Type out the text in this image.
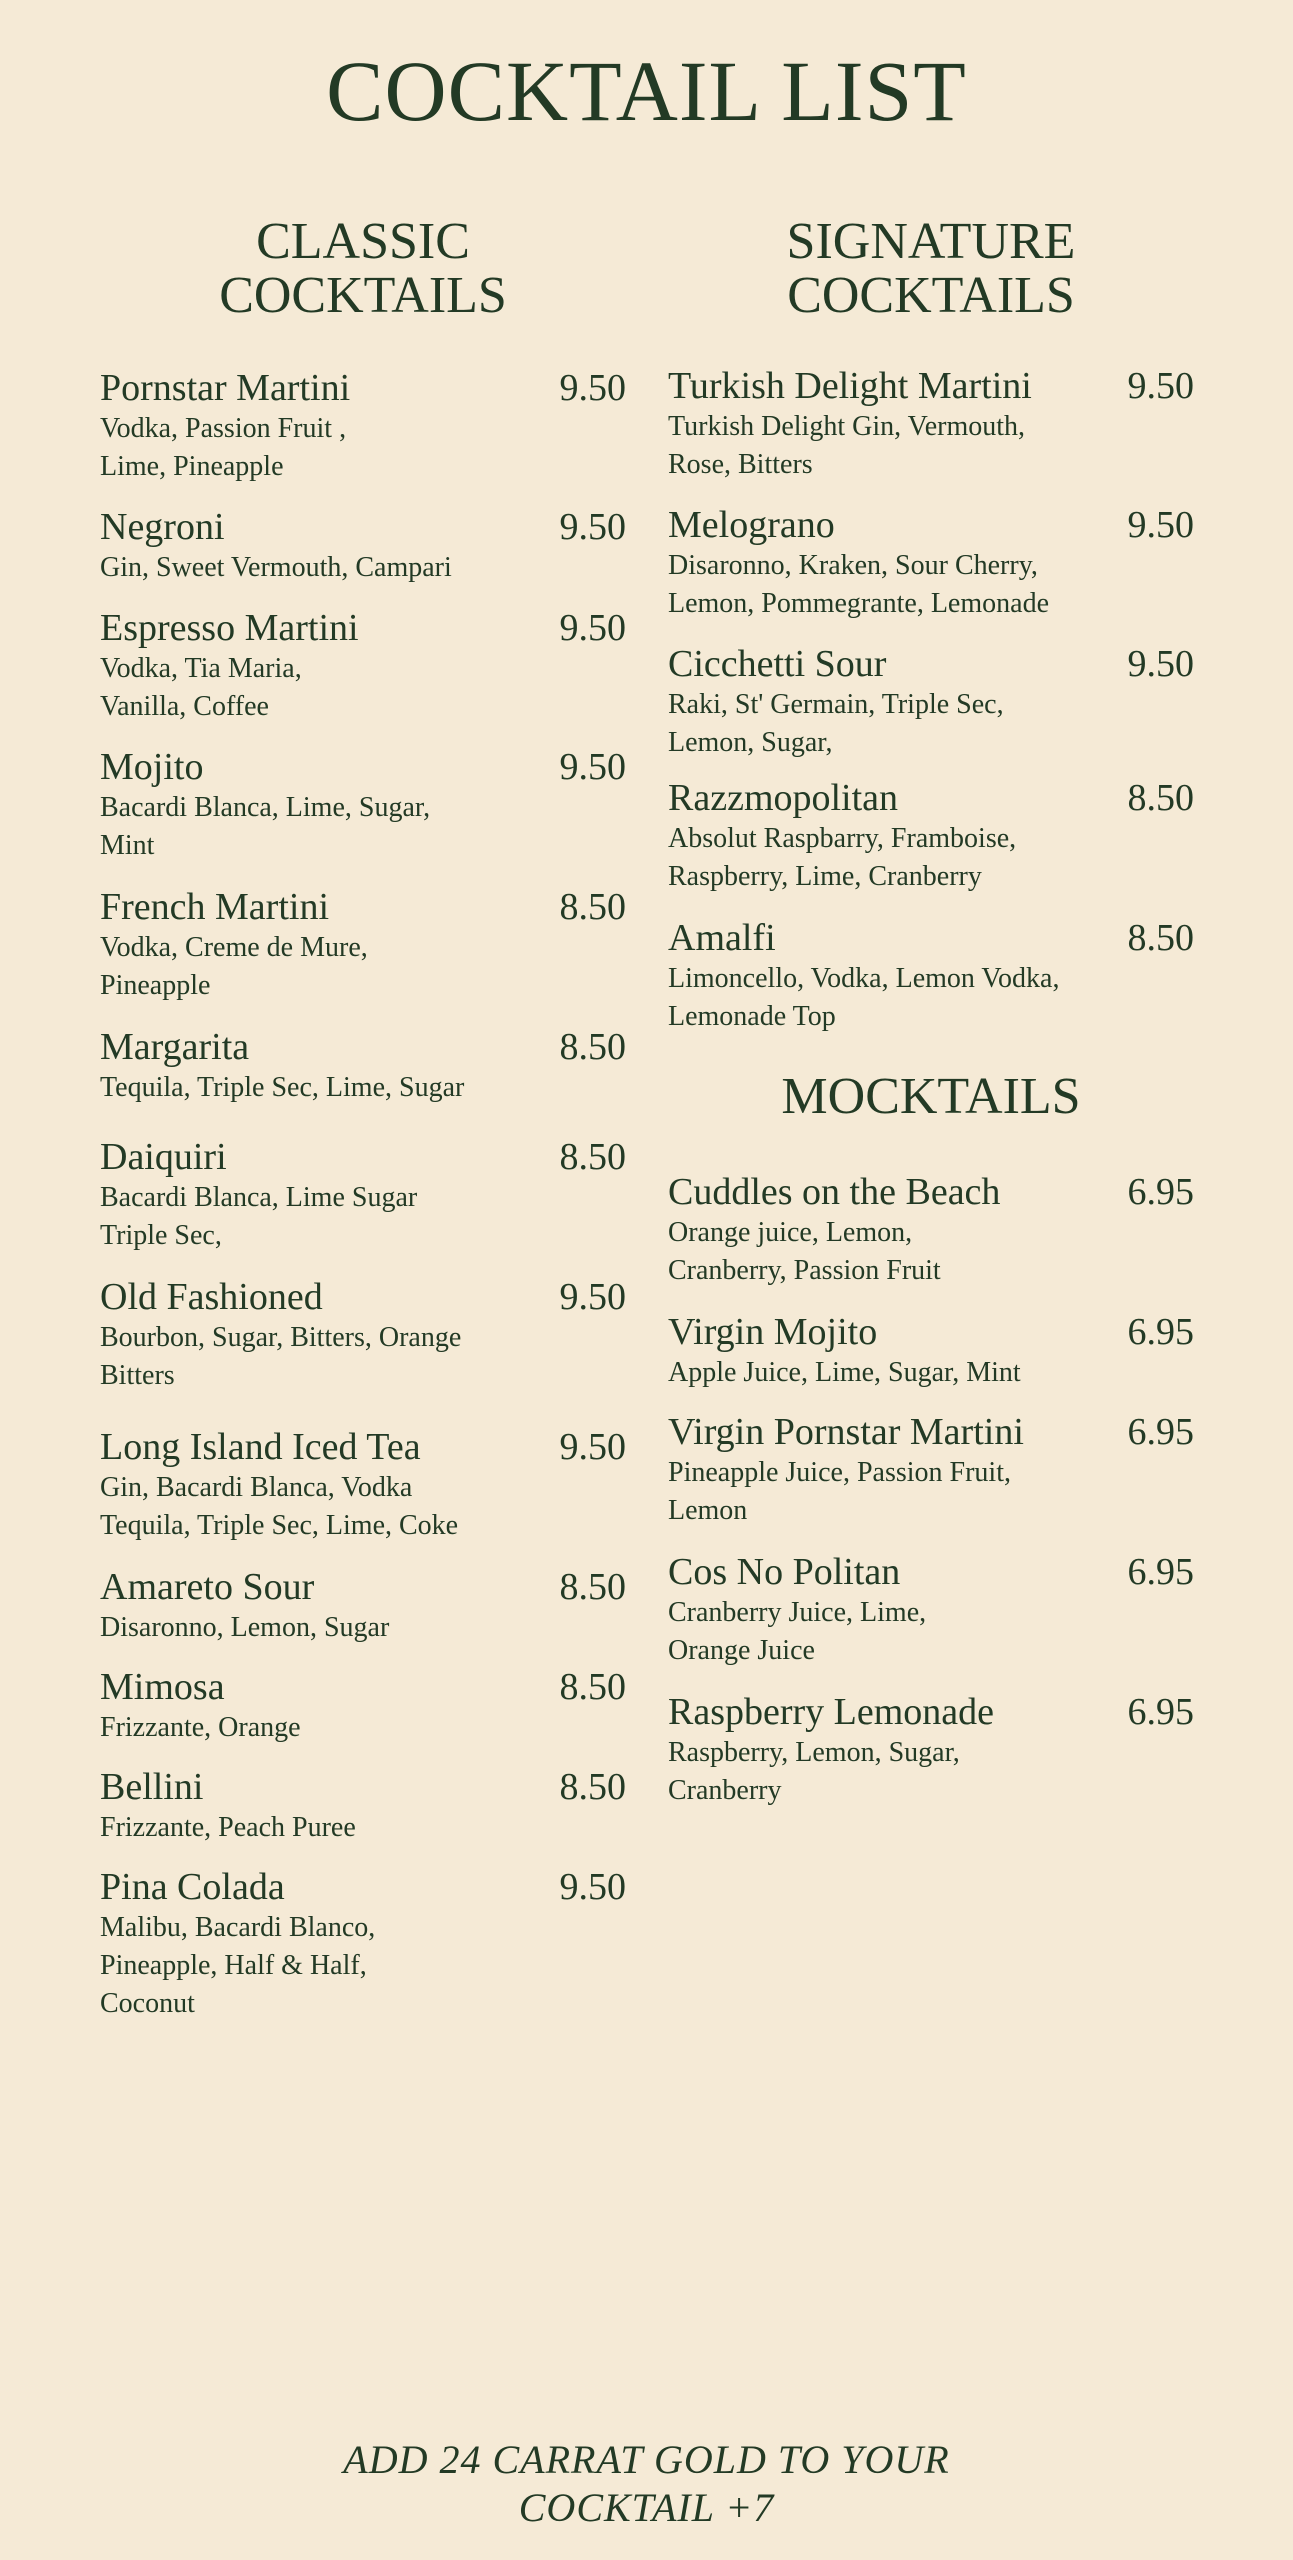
COCKTAIL LIST
CLASSIC
COCKTAILS
Pornstar Martini	9.50
Vodka, Passion Fruit ,
Lime, Pineapple
Negroni	9.50
Gin, Sweet Vermouth, Campari
Espresso Martini	9.50
Vodka, Tia Maria,
Vanilla, Coffee
Mojito	9.50
Bacardi Blanca, Lime, Sugar,
Mint
French Martini	8.50
Vodka, Creme de Mure,
Pineapple
Margarita	8.50
Tequila, Triple Sec, Lime, Sugar
Daiquiri	8.50
Bacardi Blanca, Lime Sugar
Triple Sec,
Old Fashioned	9.50
Bourbon, Sugar, Bitters, Orange
Bitters
Long Island Iced Tea	9.50
Gin, Bacardi Blanca, Vodka
Tequila, Triple Sec, Lime, Coke
Amareto Sour	8.50
Disaronno, Lemon, Sugar
Mimosa	8.50
Frizzante, Orange
Bellini	8.50
Frizzante, Peach Puree
Pina Colada	9.50
Malibu, Bacardi Blanco,
Pineapple, Half & Half,
Coconut
SIGNATURE
COCKTAILS
Turkish Delight Martini	9.50
Turkish Delight Gin, Vermouth,
Rose, Bitters
Melograno	9.50
Disaronno, Kraken, Sour Cherry,
Lemon, Pommegrante, Lemonade
Cicchetti Sour	9.50
Raki, St' Germain, Triple Sec,
Lemon, Sugar,
Razzmopolitan	8.50
Absolut Raspbarry, Framboise,
Raspberry, Lime, Cranberry
Amalfi	8.50
Limoncello, Vodka, Lemon Vodka,
Lemonade Top
MOCKTAILS
Cuddles on the Beach	6.95
Orange juice, Lemon,
Cranberry, Passion Fruit
Virgin Mojito	6.95
Apple Juice, Lime, Sugar, Mint
Virgin Pornstar Martini	6.95
Pineapple Juice, Passion Fruit,
Lemon
Cos No Politan	6.95
Cranberry Juice, Lime,
Orange Juice
Raspberry Lemonade	6.95
Raspberry, Lemon, Sugar,
Cranberry
ADD 24 CARRAT GOLD TO YOUR
COCKTAIL +7
